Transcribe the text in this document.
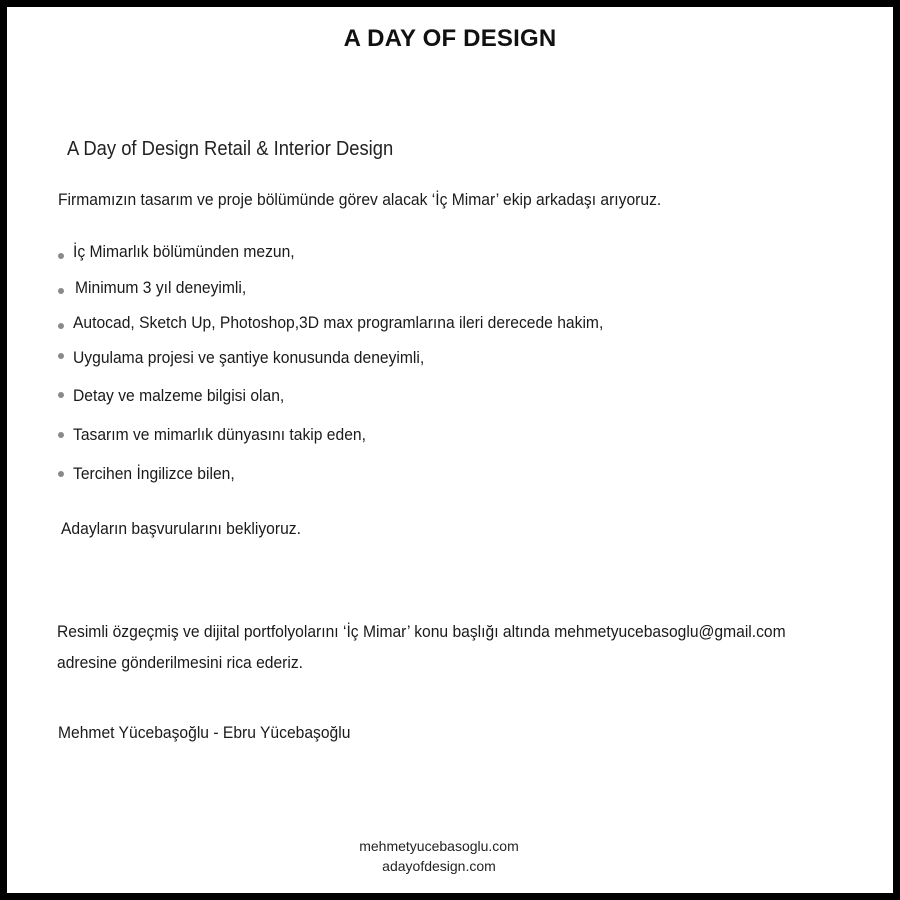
A DAY OF DESIGN
A Day of Design Retail & Interior Design
Firmamızın tasarım ve proje bölümünde görev alacak ‘İç Mimar’ ekip arkadaşı arıyoruz.
İç Mimarlık bölümünden mezun,
Minimum 3 yıl deneyimli,
Autocad, Sketch Up, Photoshop,3D max programlarına ileri derecede hakim,
Uygulama projesi ve şantiye konusunda deneyimli,
Detay ve malzeme bilgisi olan,
Tasarım ve mimarlık dünyasını takip eden,
Tercihen İngilizce bilen,
Adayların başvurularını bekliyoruz.
Resimli özgeçmiş ve dijital portfolyolarını ‘İç Mimar’ konu başlığı altında mehmetyucebasoglu@gmail.com
adresine gönderilmesini rica ederiz.
Mehmet Yücebaşoğlu - Ebru Yücebaşoğlu
mehmetyucebasoglu.com
adayofdesign.com
